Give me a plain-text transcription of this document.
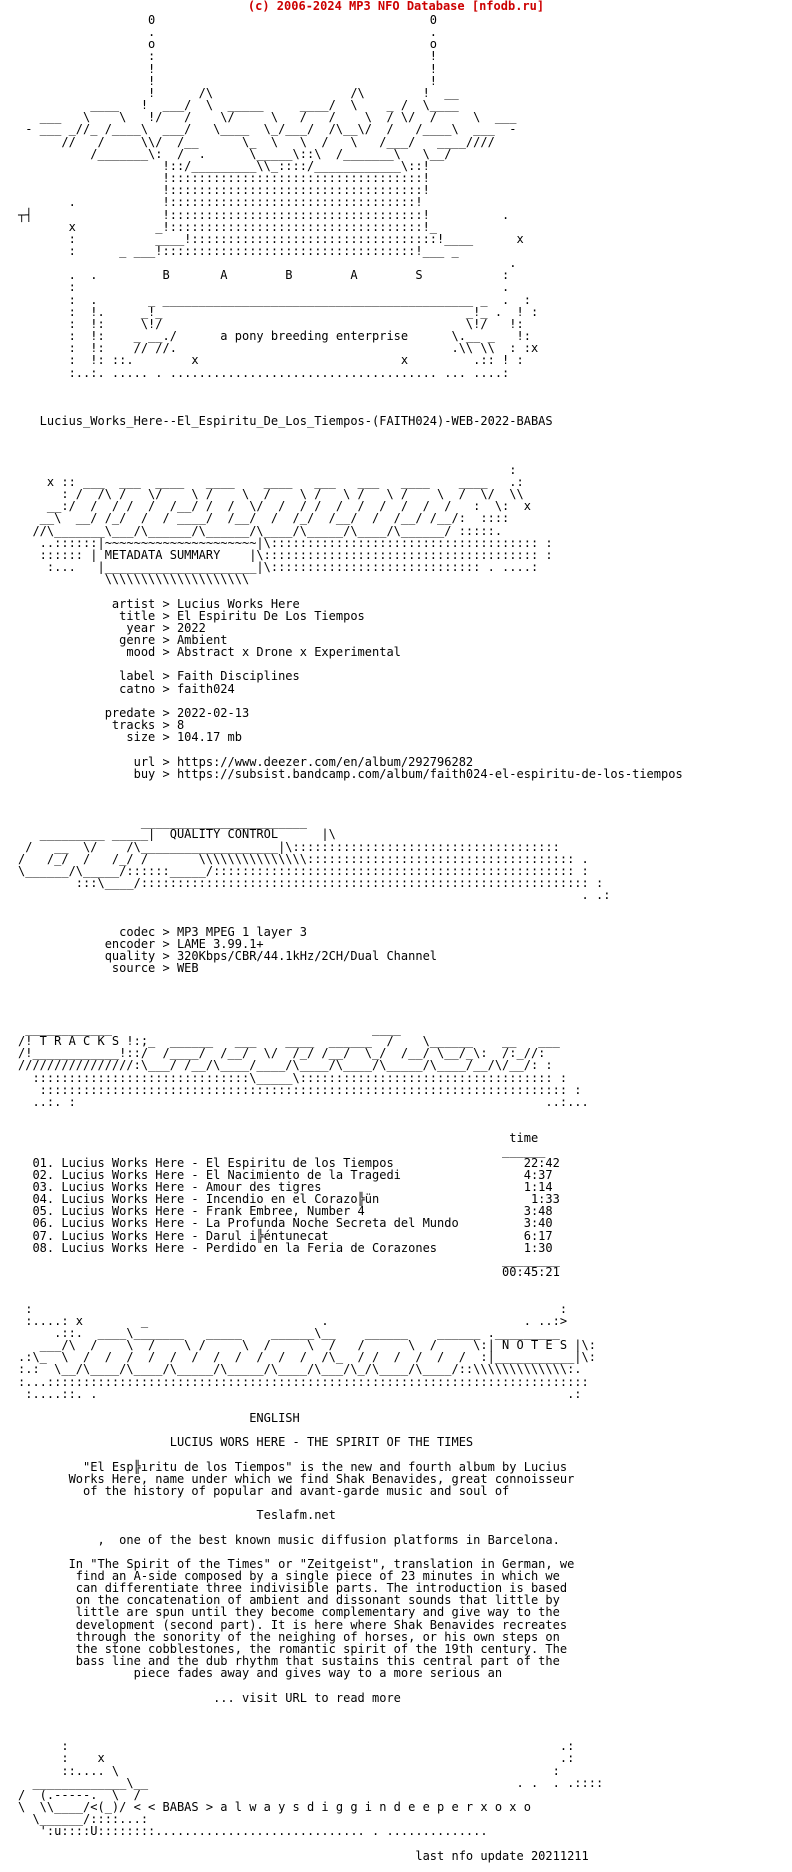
(c) 2006-2024 MP3 NFO Database [nfodb.ru]
0                                      0
.                                      .
o                                      o
:                                      !
!                                      !
!                                      !
!      /\                   /\        !  __
____   !  ___/  \  _____     ____/  \    _ /  \____
___   \    \   !/   /    \/     \   /   /    \  / \/  /     \  ___
- ___ _//_ /____\  ___/   \____  \_/___/  /\__\/  /   /____\  ___  -
//   /     \\/  /__      \_  \   \  /   \   /___/   ____////
/_______\:  /  .      \_____\::\  /_______\   \__/
!::/_________\\_::::/____________\::!
!:::::::::::::::::::::::::::::::::::!
!:::::::::::::::::::::::::::::::::::!
.            !::::::::::::::::::::::::::::::::::!
┬┤                  !:::::::::::::::::::::::::::::::::::!          .
x           _!:::::::::::::::::::::::::::::::::::!_
:           ____!::::::::::::::::::::::::::::::::::!____      x
:      _ ___!:::::::::::::::::::::::::::::::::::!___ _
.
.  .         B       A        B        A        S           :
:                                                           .
:  .       _ ___________________________________________ _  .  :
:  !.     _!_                                          _!_ .  ! :
:  !:     \!/                                          \!/   !:
:  !:    _ __./      a pony breeding enterprise      \.__ _   !:
:  !:    // //.                                      .\\ \\  : :x
:  !: ::.        x                            x         .:: ! :
:..:. ..... . ..................................... ... ....:
Lucius_Works_Here--El_Espiritu_De_Los_Tiempos-(FAITH024)-WEB-2022-BABAS
:
x :: ___  ___  ____   ____    ____   ___   ___   ____    ____   .:
: /  /\ /   \/    \ /    \  /    \ /   \ /   \ /    \  /  \/  \\
__:/  /  / /  /  /__/ /  /  \/  /  / /  /  /  /  /  /  /   :  \:  x
__\  __/ /_/  /  / ____/  /__/  /  /_/  /__/  /  /__/ /__/:  ::::
//\_______\___/\______/\______/\____/\_____/\____/\______/ :::::.
..::::::|~~~~~~~~~~~~~~~~~~~~~|\::::::::::::::::::::::::::::::::::::: :
:::::: | METADATA SUMMARY    |\:::::::::::::::::::::::::::::::::::::: :
:...   |_____________________|\::::::::::::::::::::::::::::: . ....:
\\\\\\\\\\\\\\\\\\\\
artist > Lucius Works Here
title > El Espiritu De Los Tiempos
year > 2022
genre > Ambient
mood > Abstract x Drone x Experimental
label > Faith Disciplines
catno > faith024
predate > 2022-02-13
tracks > 8
size > 104.17 mb
url > https://www.deezer.com/en/album/292796282
buy > https://subsist.bandcamp.com/album/faith024-el-espiritu-de-los-tiempos
_______________________
_________ _____|  QUALITY CONTROL      |\
/   __  \/    /\___________________|\:::::::::::::::::::::::::::::::::::::
/   /_/  /   /_/ /       \\\\\\\\\\\\\\\::::::::::::::::::::::::::::::::::::: .
\______/\_____/::::::_____/:::::::::::::::::::::::::::::::::::::::::::::::::: :
:::\____/:::::::::::::::::::::::::::::::::::::::::::::::::::::::::::::: :
. .:
codec > MP3 MPEG 1 layer 3
encoder > LAME 3.99.1+
quality > 320Kbps/CBR/44.1kHz/2CH/Dual Channel
source > WEB
____________                                    ____
/! T R A C K S !:;_  ______   ___    ____  ______  /    \______    __   ___
/!____________!::/  /____/  /__/  \/  /_/ /__/  \_/  /__/ \__/_\:  /:_//:
////////////////:\___/ /__/\____/____/\____/\____/\_____/\____/__/\/__/: :
::::::::::::::::::::::::::::::\_____\::::::::::::::::::::::::::::::::::: :
::::::::::::::::::::::::::::::::::::::::::::::::::::::::::::::::::::::::: :
..:. :                                                                 ..:...
time
______
01. Lucius Works Here - El Espiritu de los Tiempos                  22:42
02. Lucius Works Here - El Nacimiento de la Tragedi                 4:37
03. Lucius Works Here - Amour des tigres                            1:14
04. Lucius Works Here - Incendio en el Corazo╠ün                     1:33
05. Lucius Works Here - Frank Embree, Number 4                      3:48
06. Lucius Works Here - La Profunda Noche Secreta del Mundo         3:40
07. Lucius Works Here - Darul i╠éntunecat                           6:17
08. Lucius Works Here - Perdido en la Feria de Corazones            1:30
________
00:45:21
:                                                                         :
:....: x        _                        .                           . ..:>
.::.  ____\_______   _____    ______\__    ______    ______ ._________
___/\  /    \  /    \ /     \  /     \  /   /      \  /     \:| N O T E S |\:
.:\_  \  /  /  /  /  /  /  /  /  /  /  /  /\_  / /  /  /  /  /  :|___________|\:
:.:  \__/\____/\____/\_____/\_____/\____/\___/\_/\____/\____/::\\\\\\\\\\\\\:.
:...:::::::::::::::::::::::::::::::::::::::::::::::::::::::::::::::::::::::::::
:....::. .                                                                 .:
ENGLISH
LUCIUS WORS HERE - THE SPIRIT OF THE TIMES
"El Esp╠ıritu de los Tiempos" is the new and fourth album by Lucius
Works Here, name under which we find Shak Benavides, great connoisseur
of the history of popular and avant-garde music and soul of
Teslafm.net
,  one of the best known music diffusion platforms in Barcelona.
In "The Spirit of the Times" or "Zeitgeist", translation in German, we
find an A-side composed by a single piece of 23 minutes in which we
can differentiate three indivisible parts. The introduction is based
on the concatenation of ambient and dissonant sounds that little by
little are spun until they become complementary and give way to the
development (second part). It is here where Shak Benavides recreates
through the sonority of the neighing of horses, or his own steps on
the stone cobblestones, the romantic spirit of the 19th century. The
bass line and the dub rhythm that sustains this central part of the
piece fades away and gives way to a more serious an
... visit URL to read more
:                                                                    .:
:    x                                                               .:
::.... \                                                            :
_____________\__                                                   . .  . .::::
/  (.-----.  \  /
\  \\____/<(_)/ < < BABAS > a l w a y s d i g g i n d e e p e r x o x o
\______/::::...:
':u::::U::::::::............................. . ..............
last nfo update 20211211
